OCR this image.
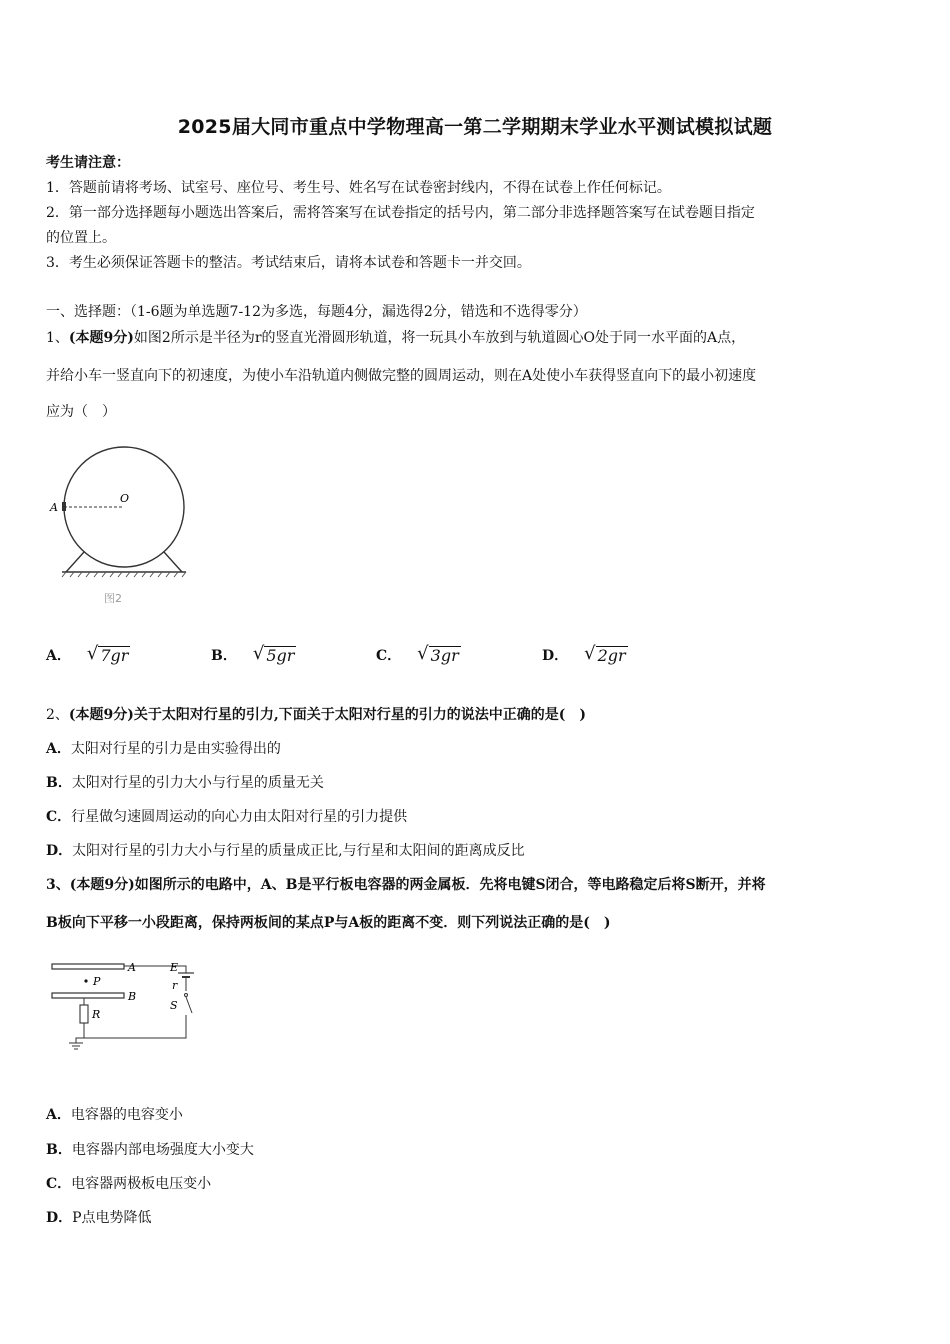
2025届大同市重点中学物理高一第二学期期末学业水平测试模拟试题
考生请注意：
1．答题前请将考场、试室号、座位号、考生号、姓名写在试卷密封线内，不得在试卷上作任何标记。
2．第一部分选择题每小题选出答案后，需将答案写在试卷指定的括号内，第二部分非选择题答案写在试卷题目指定
的位置上。
3．考生必须保证答题卡的整洁。考试结束后，请将本试卷和答题卡一并交回。
一、选择题：（1-6题为单选题7-12为多选，每题4分，漏选得2分，错选和不选得零分）
1、(本题9分)如图2所示是半径为r的竖直光滑圆形轨道，将一玩具小车放到与轨道圆心O处于同一水平面的A点，
并给小车一竖直向下的初速度，为使小车沿轨道内侧做完整的圆周运动，则在A处使小车获得竖直向下的最小初速度
应为（　）
A
O
图2
A． √ 7gr	B． √ 5gr	C． √ 3gr	D． √ 2gr
2、(本题9分)关于太阳对行星的引力,下面关于太阳对行星的引力的说法中正确的是(　)
A．太阳对行星的引力是由实验得出的
B．太阳对行星的引力大小与行星的质量无关
C．行星做匀速圆周运动的向心力由太阳对行星的引力提供
D．太阳对行星的引力大小与行星的质量成正比,与行星和太阳间的距离成反比
3、(本题9分)如图所示的电路中，A、B是平行板电容器的两金属板．先将电键S闭合，等电路稳定后将S断开，并将
B板向下平移一小段距离，保持两板间的某点P与A板的距离不变．则下列说法正确的是(　)
A
B
P
R
E
r
S
A．电容器的电容变小
B．电容器内部电场强度大小变大
C．电容器两极板电压变小
D．P点电势降低
